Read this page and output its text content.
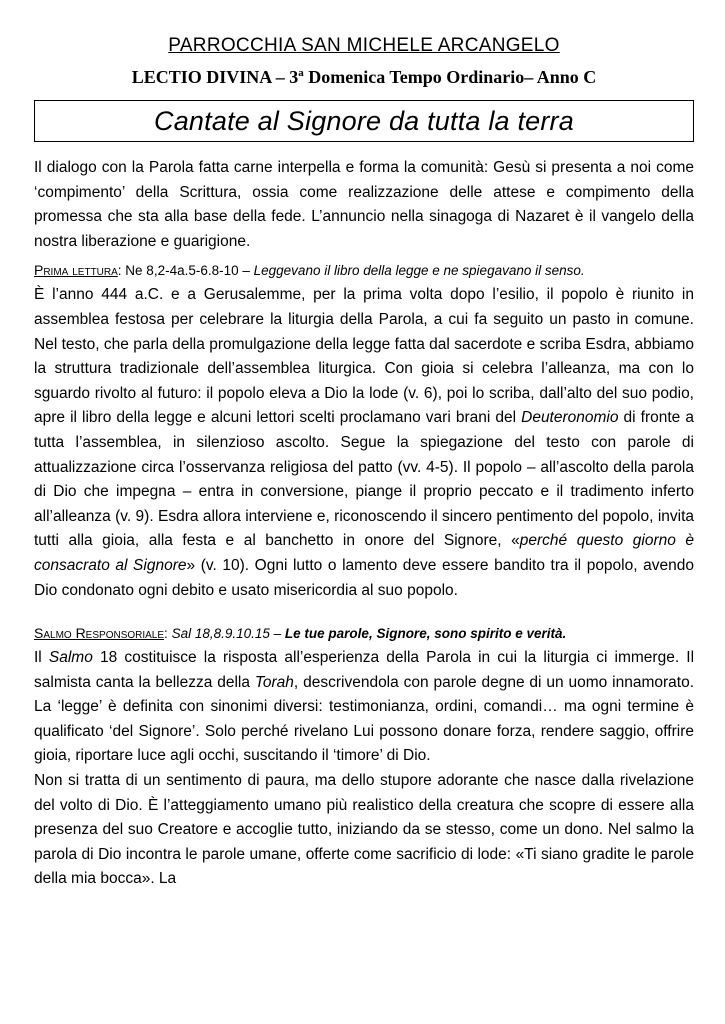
PARROCCHIA SAN MICHELE ARCANGELO

LECTIO DIVINA – 3$^a$ Domenica Tempo Ordinario– Anno C

Cantate al Signore da tutta la terra

Il dialogo con la Parola fatta carne interpella e forma la comunità: Gesù si presenta a noi come ‘compimento’ della Scrittura, ossia come realizzazione delle attese e compimento della promessa che sta alla base della fede. L’annuncio nella sinagoga di Nazaret è il vangelo della nostra liberazione e guarigione.

Prima lettura: Ne 8,2-4a.5-6.8-10 – Leggevano il libro della legge e ne spiegavano il senso.

È l’anno 444 a.C. e a Gerusalemme, per la prima volta dopo l’esilio, il popolo è riunito in assemblea festosa per celebrare la liturgia della Parola, a cui fa seguito un pasto in comune. Nel testo, che parla della promulgazione della legge fatta dal sacerdote e scriba Esdra, abbiamo la struttura tradizionale dell’assemblea liturgica. Con gioia si celebra l’alleanza, ma con lo sguardo rivolto al futuro: il popolo eleva a Dio la lode (v. 6), poi lo scriba, dall’alto del suo podio, apre il libro della legge e alcuni lettori scelti proclamano vari brani del Deuteronomio di fronte a tutta l’assemblea, in silenzioso ascolto. Segue la spiegazione del testo con parole di attualizzazione circa l’osservanza religiosa del patto (vv. 4-5). Il popolo – all’ascolto della parola di Dio che impegna – entra in conversione, piange il proprio peccato e il tradimento inferto all’alleanza (v. 9). Esdra allora interviene e, riconoscendo il sincero pentimento del popolo, invita tutti alla gioia, alla festa e al banchetto in onore del Signore, «perché questo giorno è consacrato al Signore» (v. 10). Ogni lutto o lamento deve essere bandito tra il popolo, avendo Dio condonato ogni debito e usato misericordia al suo popolo.

Salmo Responsoriale: Sal 18,8.9.10.15 – Le tue parole, Signore, sono spirito e verità.

Il Salmo 18 costituisce la risposta all’esperienza della Parola in cui la liturgia ci immerge. Il salmista canta la bellezza della Torah, descrivendola con parole degne di un uomo innamorato. La ‘legge’ è definita con sinonimi diversi: testimonianza, ordini, comandi… ma ogni termine è qualificato ‘del Signore’. Solo perché rivelano Lui possono donare forza, rendere saggio, offrire gioia, riportare luce agli occhi, suscitando il ‘timore’ di Dio.

Non si tratta di un sentimento di paura, ma dello stupore adorante che nasce dalla rivelazione del volto di Dio. È l’atteggiamento umano più realistico della creatura che scopre di essere alla presenza del suo Creatore e accoglie tutto, iniziando da se stesso, come un dono. Nel salmo la parola di Dio incontra le parole umane, offerte come sacrificio di lode: «Ti siano gradite le parole della mia bocca». La
